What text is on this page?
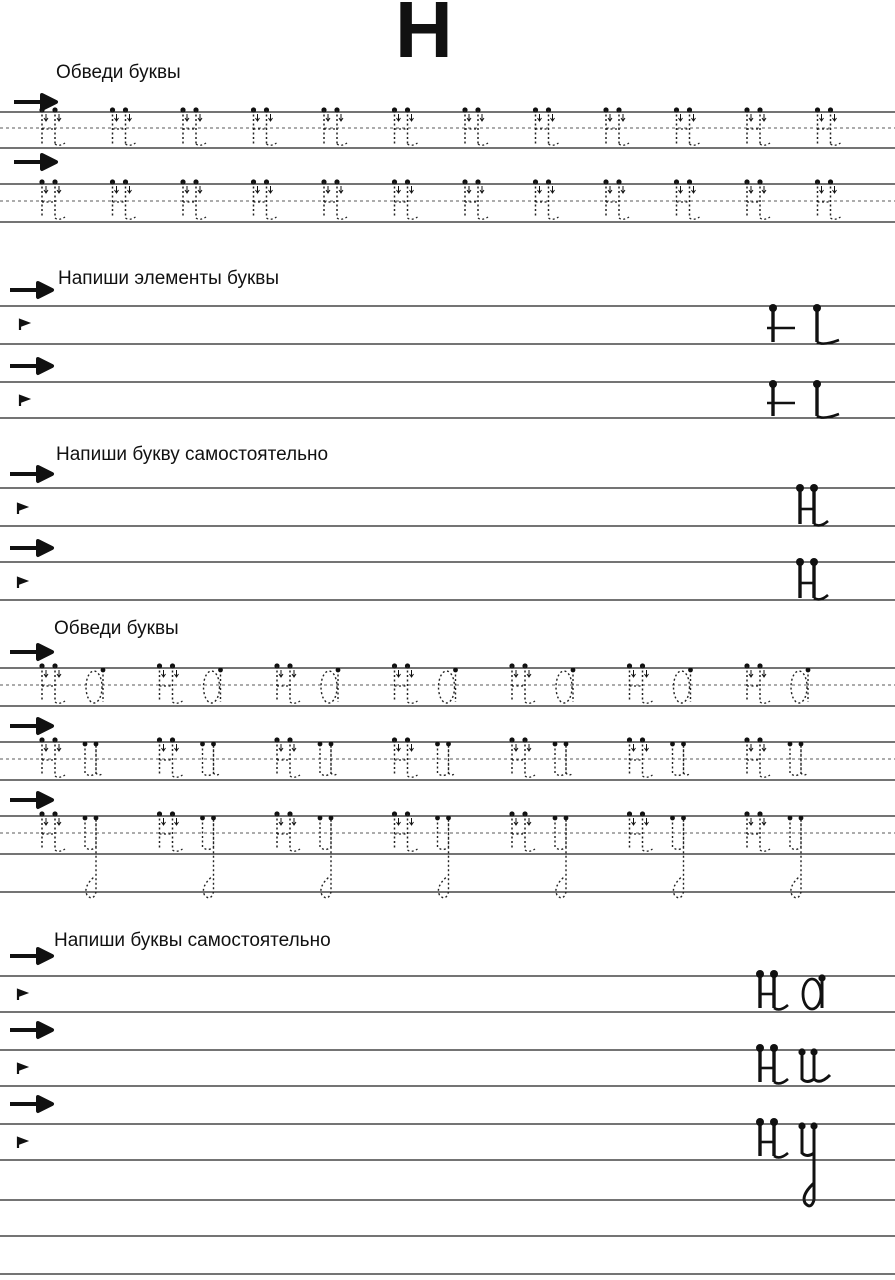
Н
Обведи буквы
Напиши элементы буквы
Напиши букву самостоятельно
Обведи буквы
Напиши буквы самостоятельно
